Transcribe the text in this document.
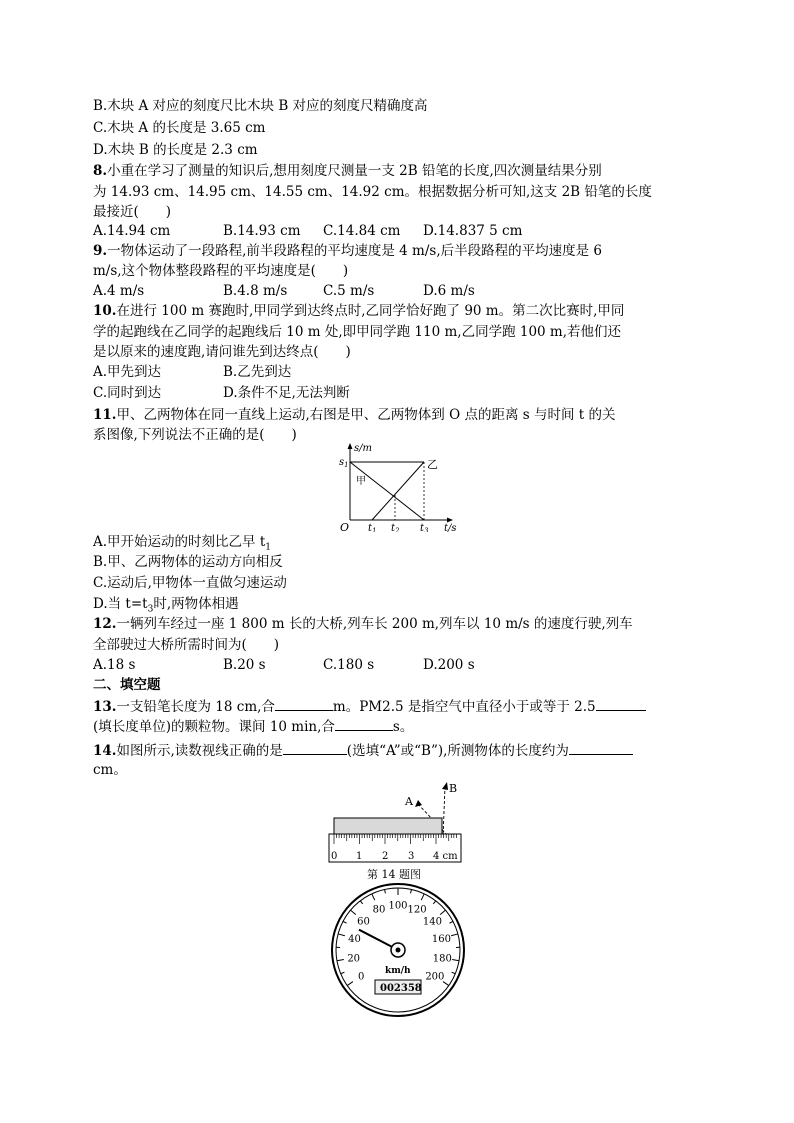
B.木块 A 对应的刻度尺比木块 B 对应的刻度尺精确度高
C.木块 A 的长度是 3.65 cm
D.木块 B 的长度是 2.3 cm
8.小重在学习了测量的知识后,想用刻度尺测量一支 2B 铅笔的长度,四次测量结果分别
为 14.93 cm、14.95 cm、14.55 cm、14.92 cm。根据数据分析可知,这支 2B 铅笔的长度
最接近(　　)
A.14.94 cm	B.14.93 cm C.14.84 cm D.14.837 5 cm
9.一物体运动了一段路程,前半段路程的平均速度是 4 m/s,后半段路程的平均速度是 6
m/s,这个物体整段路程的平均速度是(　　)
A.4 m/s	B.4.8 m/s	C.5 m/s	D.6 m/s
10.在进行 100 m 赛跑时,甲同学到达终点时,乙同学恰好跑了 90 m。第二次比赛时,甲同
学的起跑线在乙同学的起跑线后 10 m 处,即甲同学跑 110 m,乙同学跑 100 m,若他们还
是以原来的速度跑,请问谁先到达终点(　　)
A.甲先到达	B.乙先到达
C.同时到达	D.条件不足,无法判断
11.甲、乙两物体在同一直线上运动,右图是甲、乙两物体到 O 点的距离 s 与时间 t 的关
系图像,下列说法不正确的是(　　)
s/m
$s_1$
甲
乙
O $t_1$ $t_2$ $t_3$ t/s
A.甲开始运动的时刻比乙早 $t_1$
B.甲、乙两物体的运动方向相反
C.运动后,甲物体一直做匀速运动
D.当 $t=t_3$时,两物体相遇
12.一辆列车经过一座 1 800 m 长的大桥,列车长 200 m,列车以 10 m/s 的速度行驶,列车
全部驶过大桥所需时间为(　　)
A.18 s	B.20 s	C.180 s	D.200 s
二、填空题
13.一支铅笔长度为 18 cm,合	m。PM2.5 是指空气中直径小于或等于 2.5
(填长度单位)的颗粒物。课间 10 min,合	s。
14.如图所示,读数视线正确的是	(选填“A”或“B”),所测物体的长度约为
cm。
A
B
0 1 2 3 4 cm
第 14 题图
0
20
40
60
80 100 120
140
160
180
200
km/h
002358
